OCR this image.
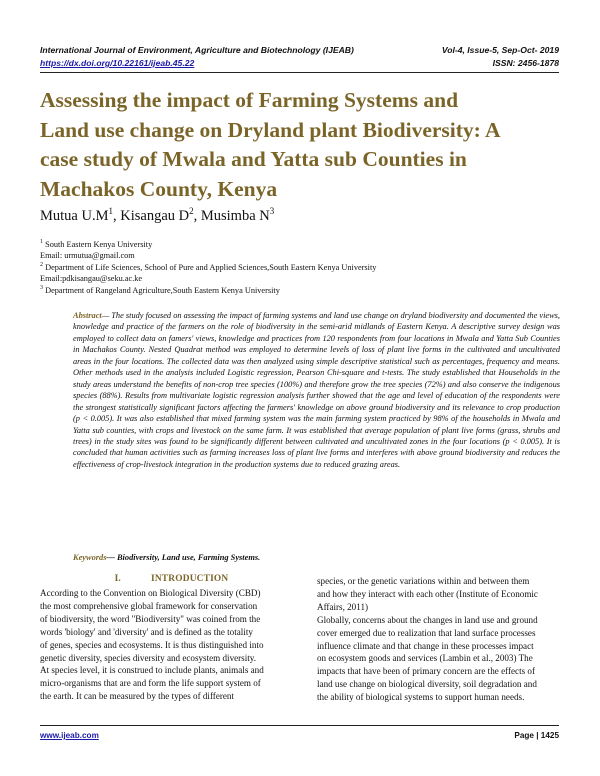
International Journal of Environment, Agriculture and Biotechnology (IJEAB)	Vol-4, Issue-5, Sep-Oct- 2019
https://dx.doi.org/10.22161/ijeab.45.22	ISSN: 2456-1878
Assessing the impact of Farming Systems and
Land use change on Dryland plant Biodiversity: A
case study of Mwala and Yatta sub Counties in
Machakos County, Kenya
Mutua $U.M^1$, Kisangau $D^2$, Musimba $N^3$
$^1$ South Eastern Kenya University
Email: urmutua@gmail.com
$^2$ Department of Life Sciences, School of Pure and Applied Sciences,South Eastern Kenya University
Email:pdkisangau@seku.ac.ke
$^3$ Department of Rangeland Agriculture,South Eastern Kenya University
Abstract— The study focused on assessing the impact of farming systems and land use change on dryland biodiversity and documented the views, knowledge and practice of the farmers on the role of biodiversity in the semi-arid midlands of Eastern Kenya. A descriptive survey design was employed to collect data on famers' views, knowledge and practices from 120 respondents from four locations in Mwala and Yatta Sub Counties in Machakos County. Nested Quadrat method was employed to determine levels of loss of plant live forms in the cultivated and uncultivated areas in the four locations. The collected data was then analyzed using simple descriptive statistical such as percentages, frequency and means. Other methods used in the analysis included Logistic regression, Pearson Chi-square and t-tests. The study established that Households in the study areas understand the benefits of non-crop tree species (100%) and therefore grow the tree species (72%) and also conserve the indigenous species (88%). Results from multivariate logistic regression analysis further showed that the age and level of education of the respondents were the strongest statistically significant factors affecting the farmers' knowledge on above ground biodiversity and its relevance to crop production (p < 0.005). It was also established that mixed farming system was the main farming system practiced by 98% of the households in Mwala and Yatta sub counties, with crops and livestock on the same farm. It was established that average population of plant live forms (grass, shrubs and trees) in the study sites was found to be significantly different between cultivated and uncultivated zones in the four locations (p < 0.005). It is concluded that human activities such as farming increases loss of plant live forms and interferes with above ground biodiversity and reduces the effectiveness of crop-livestock integration in the production systems due to reduced grazing areas.
Keywords— Biodiversity, Land use, Farming Systems.
I.	INTRODUCTION
According to the Convention on Biological Diversity (CBD)
the most comprehensive global framework for conservation
of biodiversity, the word "Biodiversity" was coined from the
words 'biology' and 'diversity' and is defined as the totality
of genes, species and ecosystems. It is thus distinguished into
genetic diversity, species diversity and ecosystem diversity.
At species level, it is construed to include plants, animals and
micro-organisms that are and form the life support system of
the earth. It can be measured by the types of different
species, or the genetic variations within and between them
and how they interact with each other (Institute of Economic
Affairs, 2011)
Globally, concerns about the changes in land use and ground
cover emerged due to realization that land surface processes
influence climate and that change in these processes impact
on ecosystem goods and services (Lambin et al., 2003) The
impacts that have been of primary concern are the effects of
land use change on biological diversity, soil degradation and
the ability of biological systems to support human needs.
www.ijeab.com	Page | 1425
